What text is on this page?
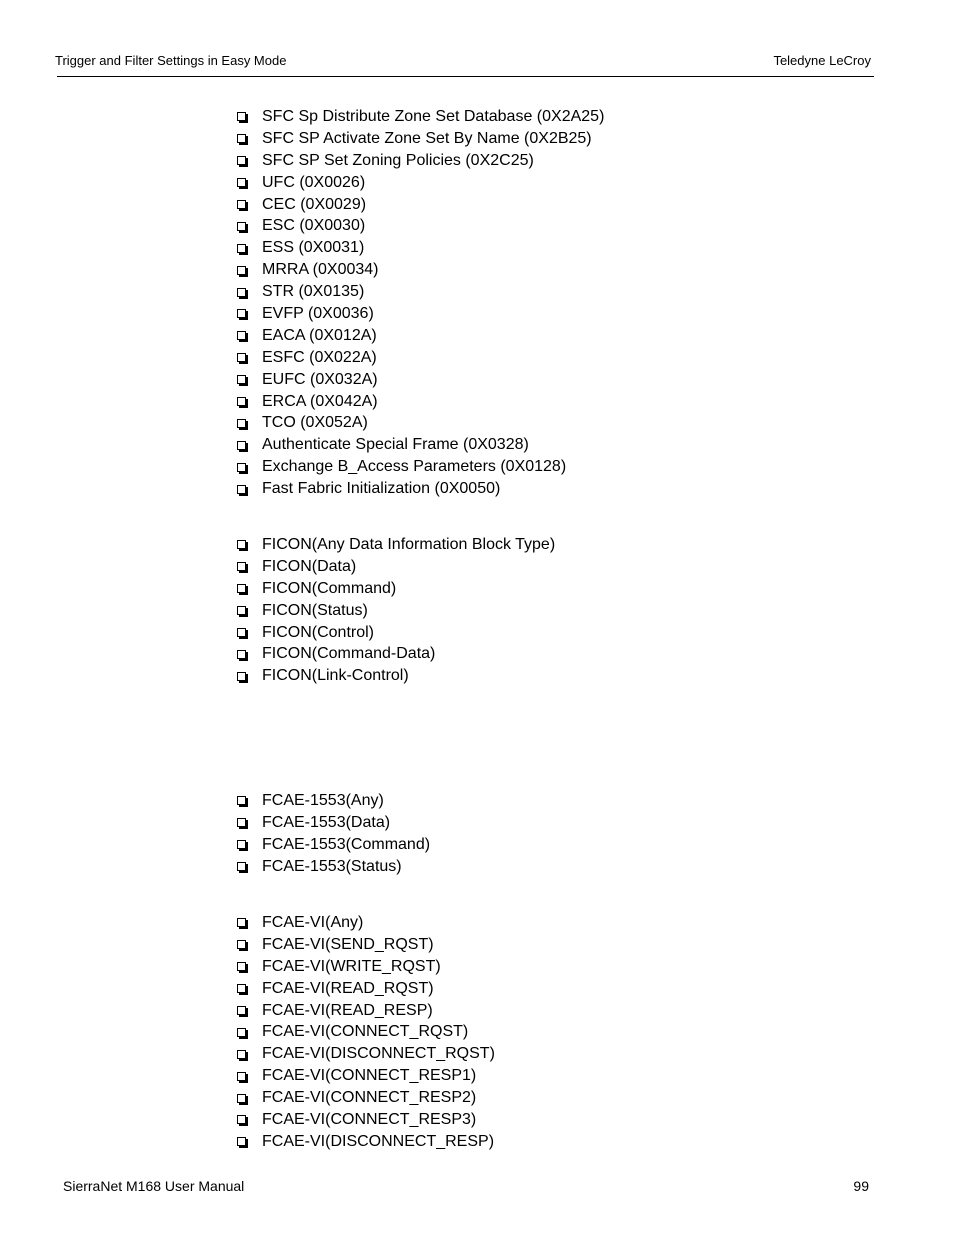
Trigger and Filter Settings in Easy Mode	Teledyne LeCroy
SFC Sp Distribute Zone Set Database (0X2A25)
SFC SP Activate Zone Set By Name (0X2B25)
SFC SP Set Zoning Policies (0X2C25)
UFC (0X0026)
CEC (0X0029)
ESC (0X0030)
ESS (0X0031)
MRRA (0X0034)
STR (0X0135)
EVFP (0X0036)
EACA (0X012A)
ESFC (0X022A)
EUFC (0X032A)
ERCA (0X042A)
TCO (0X052A)
Authenticate Special Frame (0X0328)
Exchange B_Access Parameters (0X0128)
Fast Fabric Initialization (0X0050)
FICON(Any Data Information Block Type)
FICON(Data)
FICON(Command)
FICON(Status)
FICON(Control)
FICON(Command-Data)
FICON(Link-Control)
FCAE-1553(Any)
FCAE-1553(Data)
FCAE-1553(Command)
FCAE-1553(Status)
FCAE-VI(Any)
FCAE-VI(SEND_RQST)
FCAE-VI(WRITE_RQST)
FCAE-VI(READ_RQST)
FCAE-VI(READ_RESP)
FCAE-VI(CONNECT_RQST)
FCAE-VI(DISCONNECT_RQST)
FCAE-VI(CONNECT_RESP1)
FCAE-VI(CONNECT_RESP2)
FCAE-VI(CONNECT_RESP3)
FCAE-VI(DISCONNECT_RESP)
SierraNet M168 User Manual	99
